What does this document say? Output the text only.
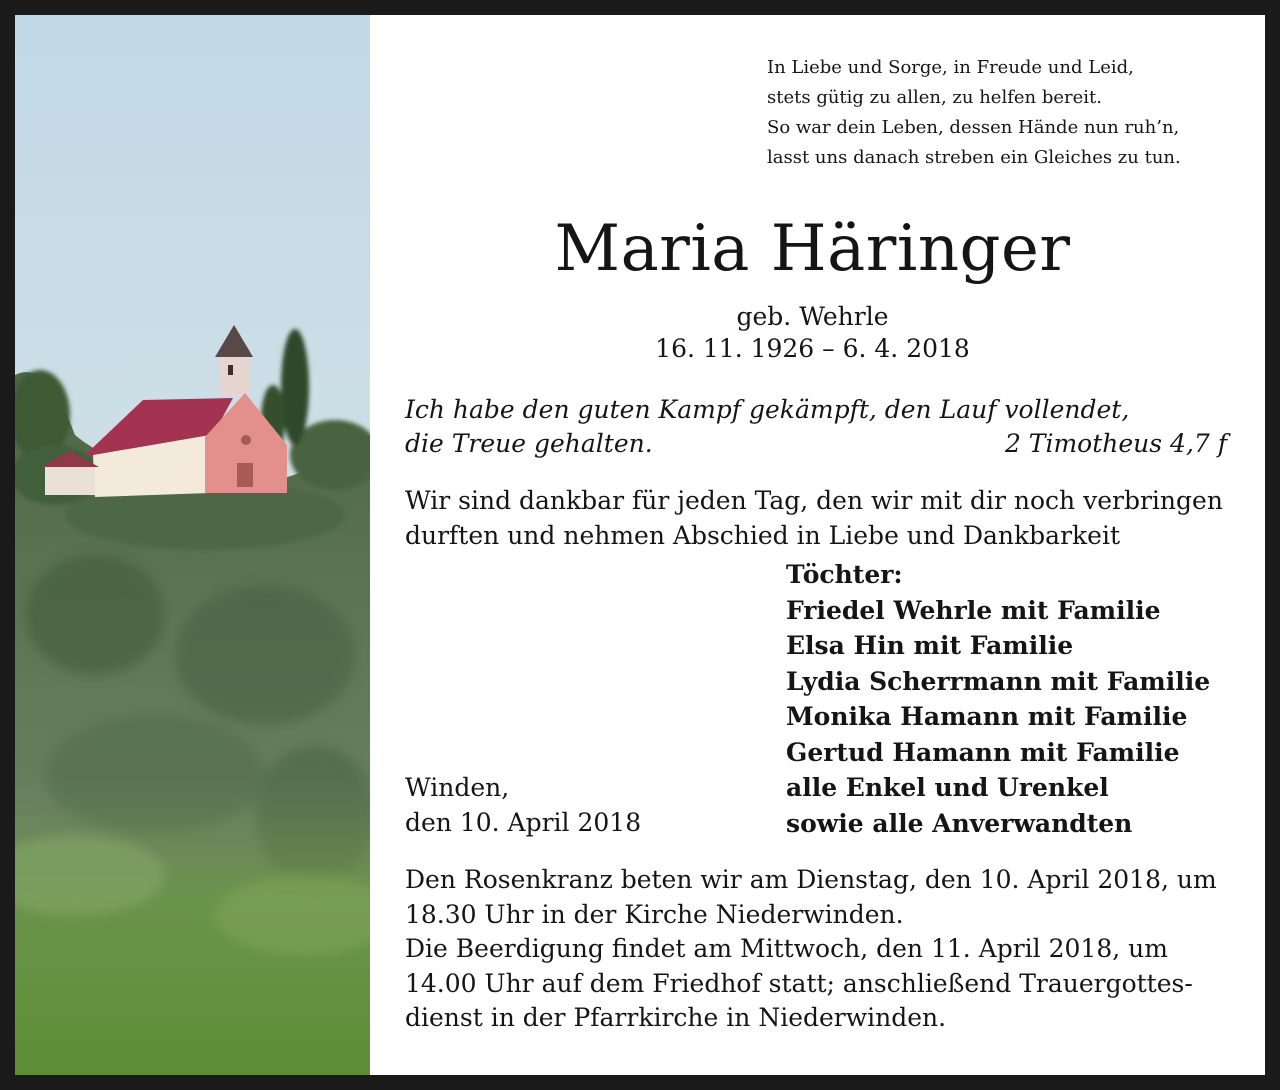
In Liebe und Sorge, in Freude und Leid,
stets gütig zu allen, zu helfen bereit.
So war dein Leben, dessen Hände nun ruh’n,
lasst uns danach streben ein Gleiches zu tun.
Maria Häringer
geb. Wehrle
16. 11. 1926 – 6. 4. 2018
Ich habe den guten Kampf gekämpft, den Lauf vollendet,
die Treue gehalten.	2 Timotheus 4,7 f
Wir sind dankbar für jeden Tag, den wir mit dir noch verbringen
durften und nehmen Abschied in Liebe und Dankbarkeit
Töchter:
Friedel Wehrle mit Familie
Elsa Hin mit Familie
Lydia Scherrmann mit Familie
Monika Hamann mit Familie
Gertud Hamann mit Familie
alle Enkel und Urenkel
sowie alle Anverwandten
Winden,
den 10. April 2018

Den Rosenkranz beten wir am Dienstag, den 10. April 2018, um

18.30 Uhr in der Kirche Niederwinden.

Die Beerdigung findet am Mittwoch, den 11. April 2018, um

14.00 Uhr auf dem Friedhof statt; anschließend Trauergottes-

dienst in der Pfarrkirche in Niederwinden.
